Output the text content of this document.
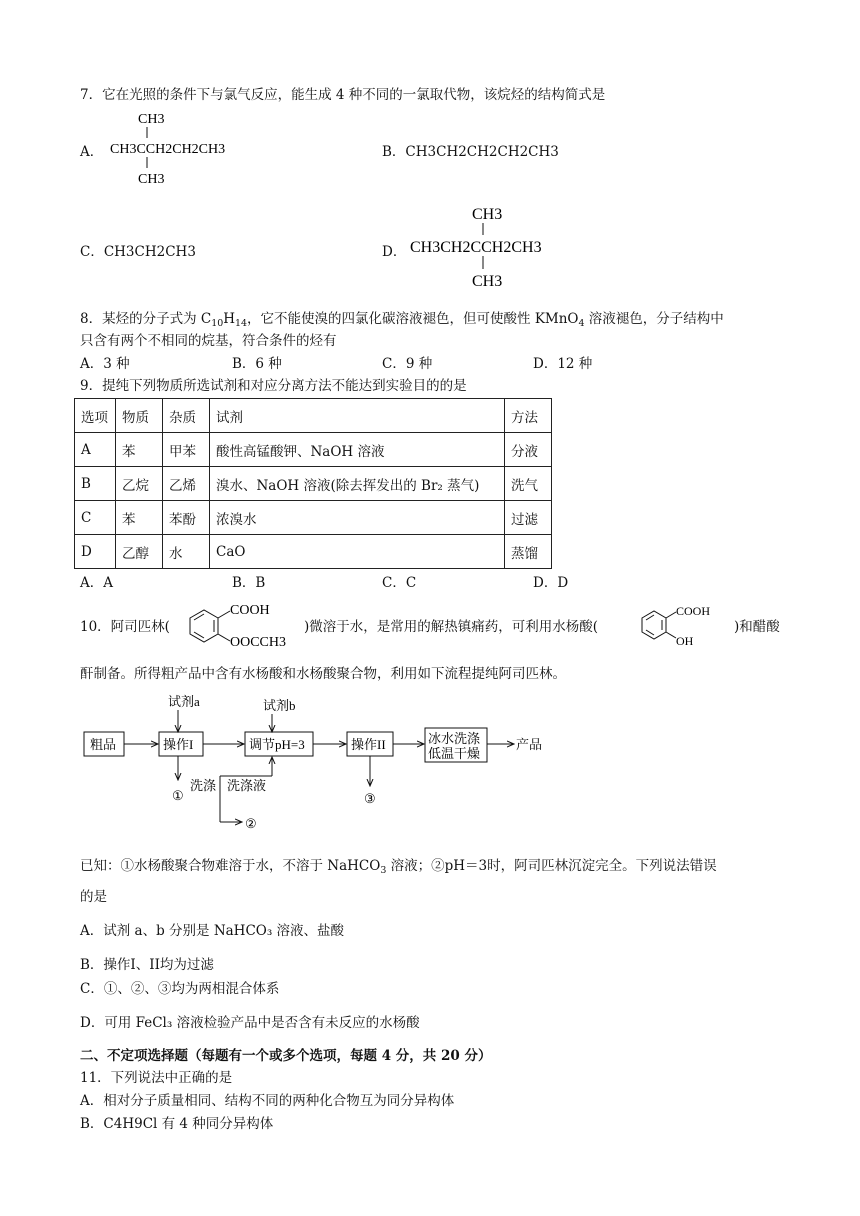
7．它在光照的条件下与氯气反应，能生成 4 种不同的一氯取代物，该烷烃的结构简式是
A．
CH3
CH3CCH2CH2CH3
CH3
B．CH3CH2CH2CH2CH3
C．CH3CH2CH3	D．
CH3
CH3CH2CCH2CH3
CH3
8．某烃的分子式为 $C_{10}H_{14}$，它不能使溴的四氯化碳溶液褪色，但可使酸性 KMnO$_4$ 溶液褪色，分子结构中
只含有两个不相同的烷基，符合条件的烃有
A．3 种	B．6 种	C．9 种	D．12 种
9．提纯下列物质所选试剂和对应分离方法不能达到实验目的的是
选项	物质	杂质	试剂	方法
A	苯	甲苯	酸性高锰酸钾、NaOH 溶液	分液
B	乙烷	乙烯	溴水、NaOH 溶液(除去挥发出的 Br₂ 蒸气)	洗气
C	苯	苯酚	浓溴水	过滤
D	乙醇	水	CaO	蒸馏
A．A	B．B	C．C	D．D
10．阿司匹林(
COOH
OOCCH3
)微溶于水，是常用的解热镇痛药，可利用水杨酸(
COOH
OH
)和醋酸
酐制备。所得粗产品中含有水杨酸和水杨酸聚合物，利用如下流程提纯阿司匹林。
试剂a
粗品	操作I
试剂b
调节pH=3	操作II	冰水洗涤
低温干燥
产品
①
洗涤 洗涤液
②
③
已知：①水杨酸聚合物难溶于水，不溶于 NaHCO$_3$ 溶液；②pH＝3时，阿司匹林沉淀完全。下列说法错误
的是
A．试剂 a、b 分别是 NaHCO₃ 溶液、盐酸
B．操作I、II均为过滤
C．①、②、③均为两相混合体系
D．可用 FeCl₃ 溶液检验产品中是否含有未反应的水杨酸
二、不定项选择题（每题有一个或多个选项，每题 4 分，共 20 分）
11．下列说法中正确的是
A．相对分子质量相同、结构不同的两种化合物互为同分异构体
B．C4H9Cl 有 4 种同分异构体
